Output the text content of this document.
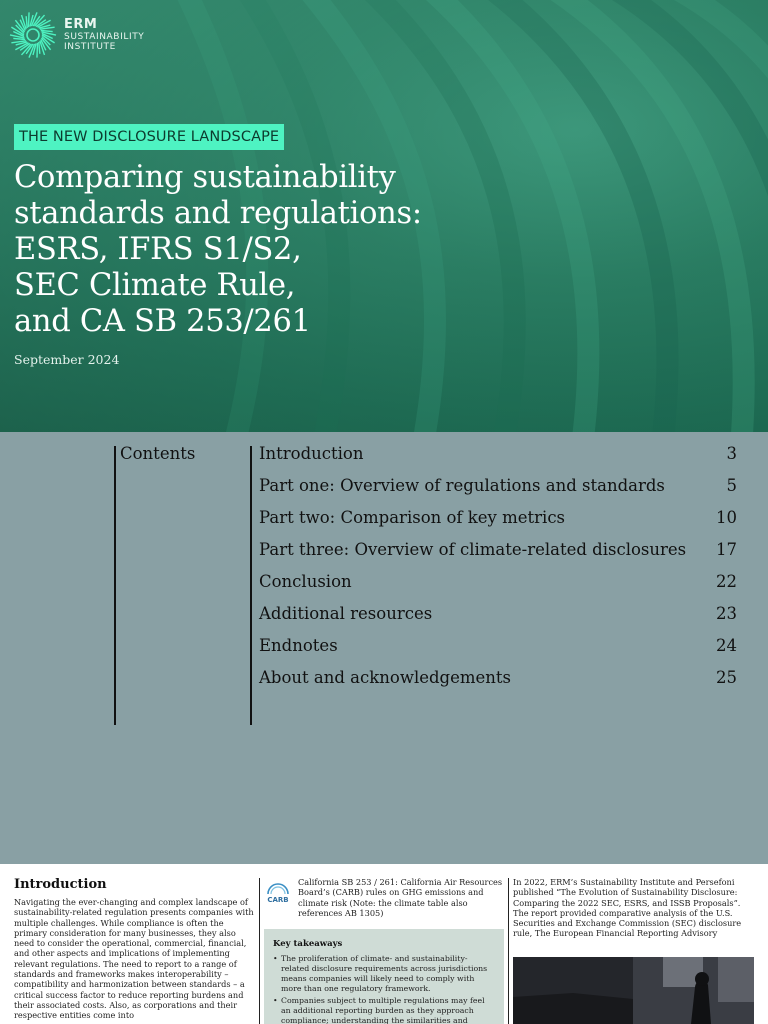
ERM
SUSTAINABILITY
INSTITUTE
THE NEW DISCLOSURE LANDSCAPE
Comparing sustainability
standards and regulations:
ESRS, IFRS S1/S2,
SEC Climate Rule,
and CA SB 253/261
September 2024
Contents	Introduction	3
Part one: Overview of regulations and standards	5
Part two: Comparison of key metrics	10
Part three: Overview of climate-related disclosures 17
Conclusion	22
Additional resources	23
Endnotes	24
About and acknowledgements	25
Introduction

Navigating the ever-changing and complex landscape of sustainability-related regulation presents companies with multiple challenges. While compliance is often the primary consideration for many businesses, they also need to consider the operational, commercial, financial, and other aspects and implications of implementing relevant regulations. The need to report to a range of standards and frameworks makes interoperability – compatibility and harmonization between standards – a critical success factor to reduce reporting burdens and their associated costs. Also, as corporations and their respective entities come into

CARB

California SB 253 / 261: California Air Resources Board’s (CARB) rules on GHG emissions and climate risk (Note: the climate table also references AB 1305)

Key takeaways
• The proliferation of climate- and sustainability-related disclosure requirements across jurisdictions means companies will likely need to comply with more than one regulatory framework.
• Companies subject to multiple regulations may feel an additional reporting burden as they approach compliance; understanding the similarities and

In 2022, ERM’s Sustainability Institute and Persefoni published “The Evolution of Sustainability Disclosure: Comparing the 2022 SEC, ESRS, and ISSB Proposals”. The report provided comparative analysis of the U.S. Securities and Exchange Commission (SEC) disclosure rule, The European Financial Reporting Advisory
